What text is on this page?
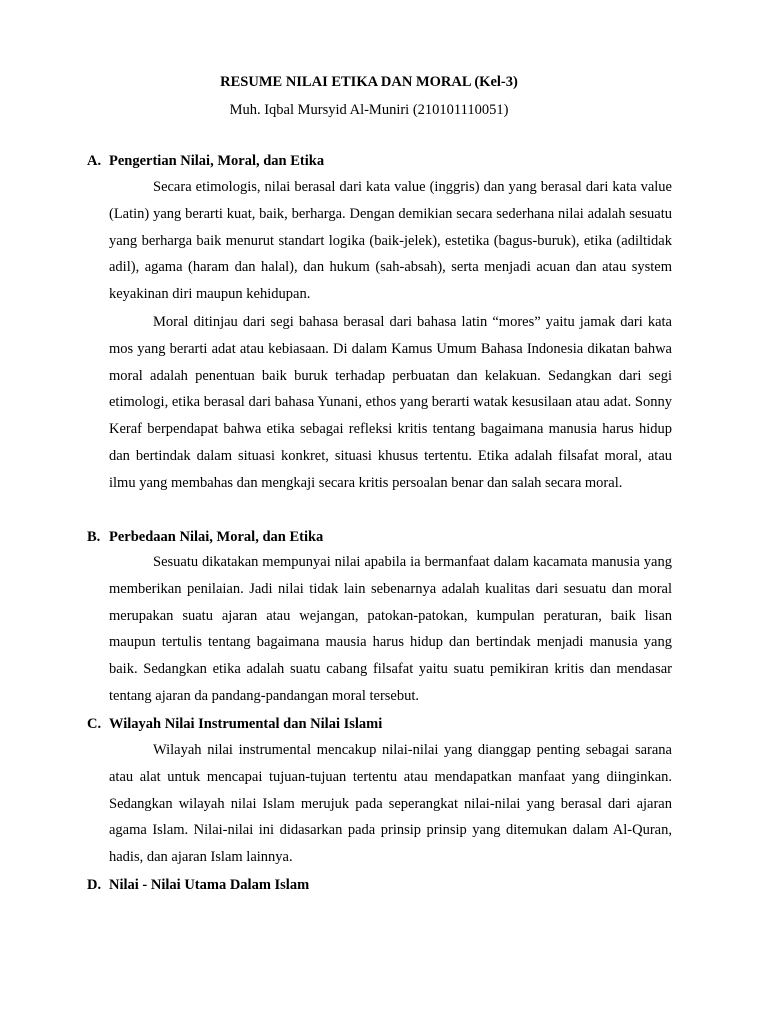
RESUME NILAI ETIKA DAN MORAL (Kel-3)
Muh. Iqbal Mursyid Al-Muniri (210101110051)
A. Pengertian Nilai, Moral, dan Etika

Secara etimologis, nilai berasal dari kata value (inggris) dan yang berasal dari kata value (Latin) yang berarti kuat, baik, berharga. Dengan demikian secara sederhana nilai adalah sesuatu yang berharga baik menurut standart logika (baik-jelek), estetika (bagus-buruk), etika (adiltidak adil), agama (haram dan halal), dan hukum (sah-absah), serta menjadi acuan dan atau system keyakinan diri maupun kehidupan.

Moral ditinjau dari segi bahasa berasal dari bahasa latin “mores” yaitu jamak dari kata mos yang berarti adat atau kebiasaan. Di dalam Kamus Umum Bahasa Indonesia dikatan bahwa moral adalah penentuan baik buruk terhadap perbuatan dan kelakuan. Sedangkan dari segi etimologi, etika berasal dari bahasa Yunani, ethos yang berarti watak kesusilaan atau adat. Sonny Keraf berpendapat bahwa etika sebagai refleksi kritis tentang bagaimana manusia harus hidup dan bertindak dalam situasi konkret, situasi khusus tertentu. Etika adalah filsafat moral, atau ilmu yang membahas dan mengkaji secara kritis persoalan benar dan salah secara moral.

B. Perbedaan Nilai, Moral, dan Etika

Sesuatu dikatakan mempunyai nilai apabila ia bermanfaat dalam kacamata manusia yang memberikan penilaian. Jadi nilai tidak lain sebenarnya adalah kualitas dari sesuatu dan moral merupakan suatu ajaran atau wejangan, patokan-patokan, kumpulan peraturan, baik lisan maupun tertulis tentang bagaimana mausia harus hidup dan bertindak menjadi manusia yang baik. Sedangkan etika adalah suatu cabang filsafat yaitu suatu pemikiran kritis dan mendasar tentang ajaran da pandang-pandangan moral tersebut.

C. Wilayah Nilai Instrumental dan Nilai Islami

Wilayah nilai instrumental mencakup nilai-nilai yang dianggap penting sebagai sarana atau alat untuk mencapai tujuan-tujuan tertentu atau mendapatkan manfaat yang diinginkan. Sedangkan wilayah nilai Islam merujuk pada seperangkat nilai-nilai yang berasal dari ajaran agama Islam. Nilai-nilai ini didasarkan pada prinsip prinsip yang ditemukan dalam Al-Quran, hadis, dan ajaran Islam lainnya.

D. Nilai - Nilai Utama Dalam Islam
